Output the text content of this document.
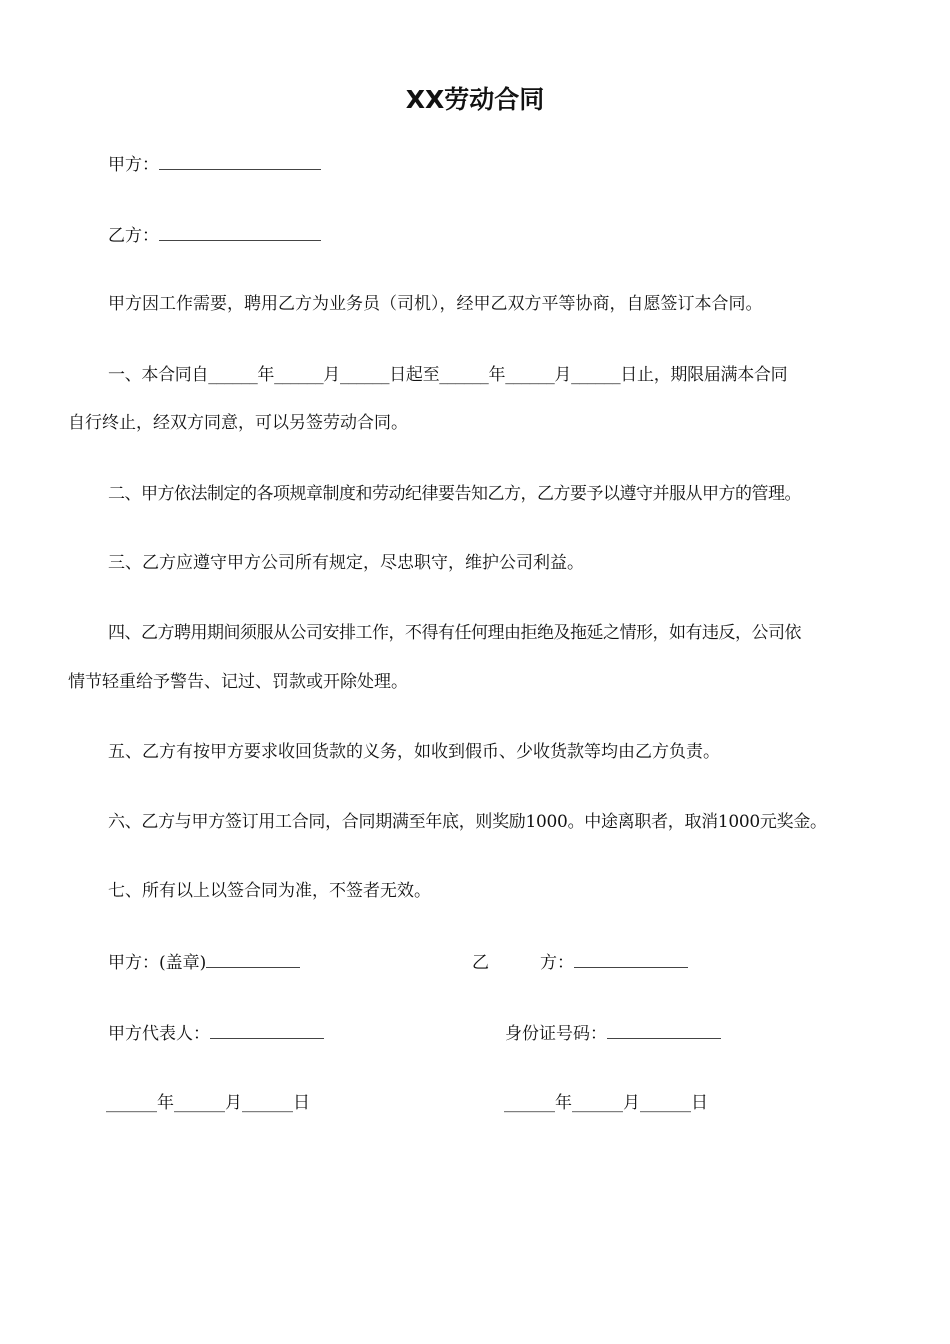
XX劳动合同
甲方：
乙方：
甲方因工作需要，聘用乙方为业务员（司机），经甲乙双方平等协商，自愿签订本合同。
一、本合同自______年______月______日起至______年______月______日止，期限届满本合同
自行终止，经双方同意，可以另签劳动合同。
二、甲方依法制定的各项规章制度和劳动纪律要告知乙方，乙方要予以遵守并服从甲方的管理。
三、乙方应遵守甲方公司所有规定，尽忠职守，维护公司利益。
四、乙方聘用期间须服从公司安排工作，不得有任何理由拒绝及拖延之情形，如有违反，公司依
情节轻重给予警告、记过、罚款或开除处理。
五、乙方有按甲方要求收回货款的义务，如收到假币、少收货款等均由乙方负责。
六、乙方与甲方签订用工合同，合同期满至年底，则奖励1000。中途离职者，取消1000元奖金。
七、所有以上以签合同为准，不签者无效。
甲方：(盖章)	乙　　　方：
甲方代表人：	身份证号码：
______年______月______日	______年______月______日
